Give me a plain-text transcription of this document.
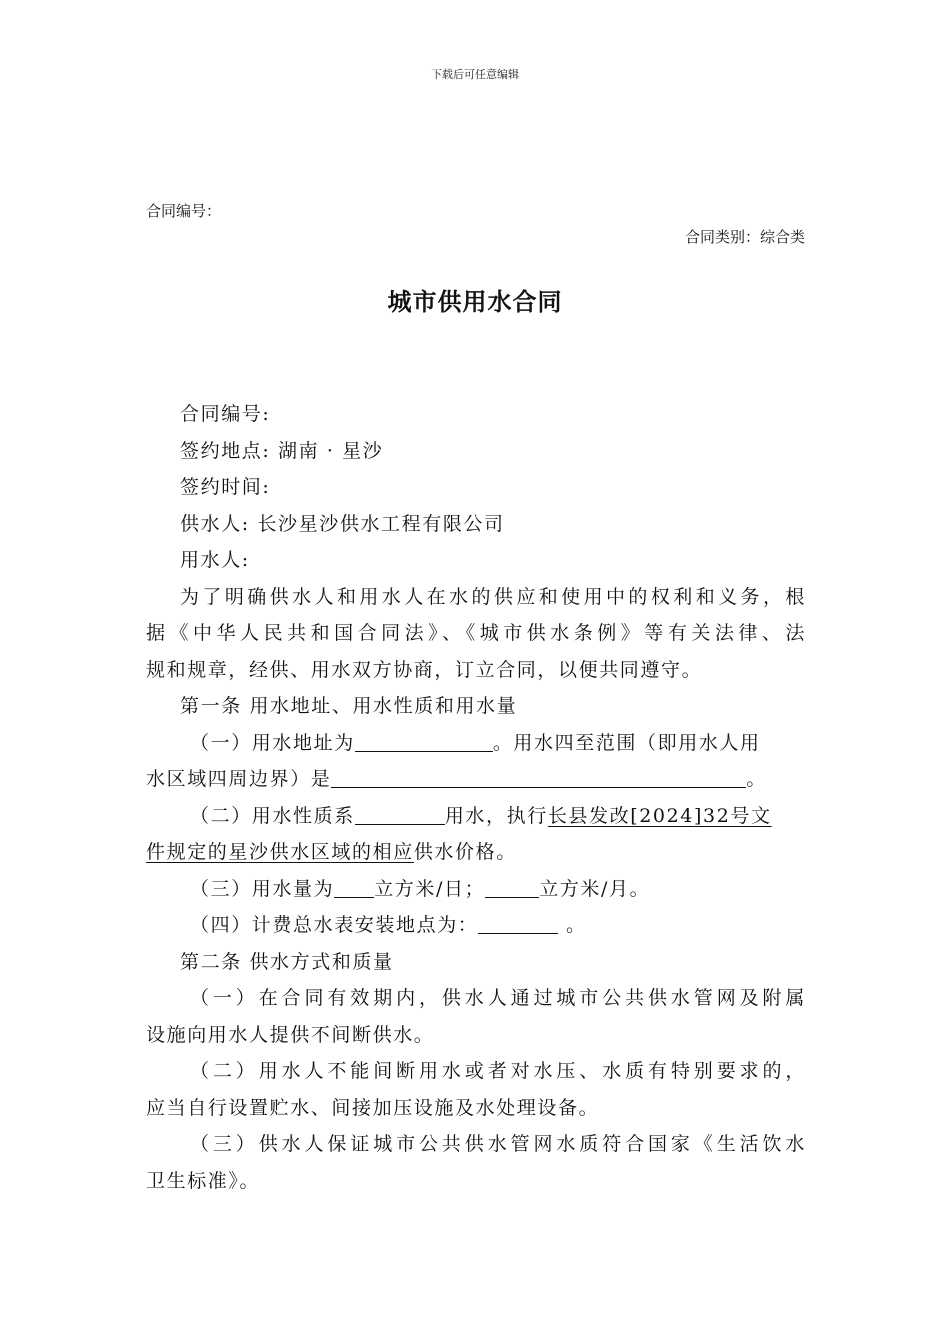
下载后可任意编辑
合同编号：
合同类别：综合类
城市供用水合同

合同编号:

签约地点: 湖南 · 星沙

签约时间:

供水人: 长沙星沙供水工程有限公司

用水人:

为了明确供水人和用水人在水的供应和使用中的权利和义务，根

据《中华人民共和国合同法》、《城市供水条例》等有关法律、法

规和规章，经供、用水双方协商，订立合同，以便共同遵守。

第一条 用水地址、用水性质和用水量

（一）用水地址为	。用水四至范围（即用水人用

水区域四周边界）是	。

（二）用水性质系	用水，执行长县发改[2024]32号文

件规定的星沙供水区域的相应供水价格。

（三）用水量为 立方米/日；	立方米/月。

（四）计费总水表安装地点为：	。

第二条 供水方式和质量

（一）在合同有效期内，供水人通过城市公共供水管网及附属

设施向用水人提供不间断供水。

（二）用水人不能间断用水或者对水压、水质有特别要求的，

应当自行设置贮水、间接加压设施及水处理设备。

（三）供水人保证城市公共供水管网水质符合国家《生活饮水

卫生标准》。
